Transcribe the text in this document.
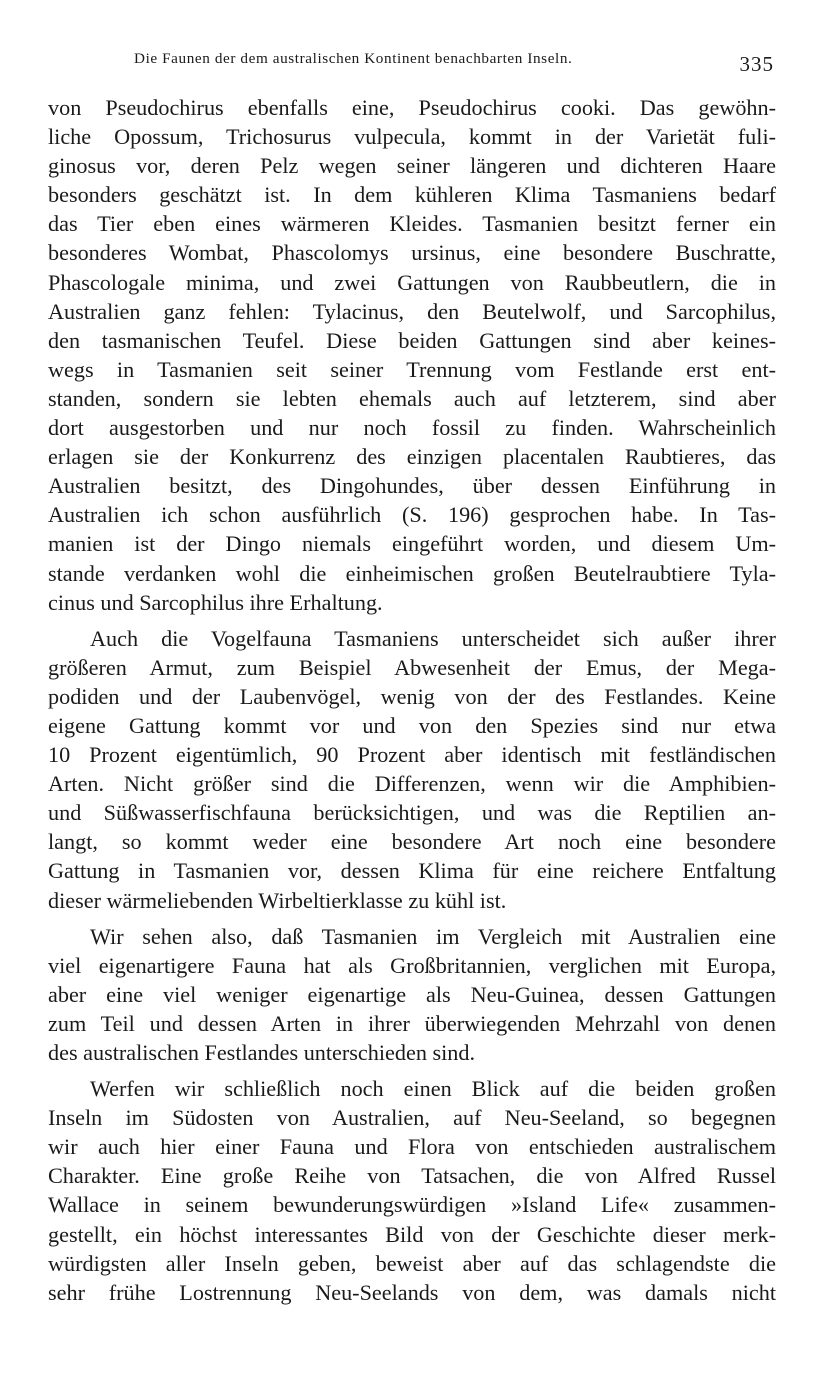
Die Faunen der dem australischen Kontinent benachbarten Inseln.	335
von Pseudochirus ebenfalls eine, Pseudochirus cooki. Das gewöhn-
liche Opossum, Trichosurus vulpecula, kommt in der Varietät fuli-
ginosus vor, deren Pelz wegen seiner längeren und dichteren Haare
besonders geschätzt ist. In dem kühleren Klima Tasmaniens bedarf
das Tier eben eines wärmeren Kleides. Tasmanien besitzt ferner ein
besonderes Wombat, Phascolomys ursinus, eine besondere Buschratte,
Phascologale minima, und zwei Gattungen von Raubbeutlern, die in
Australien ganz fehlen: Tylacinus, den Beutelwolf, und Sarcophilus,
den tasmanischen Teufel. Diese beiden Gattungen sind aber keines-
wegs in Tasmanien seit seiner Trennung vom Festlande erst ent-
standen, sondern sie lebten ehemals auch auf letzterem, sind aber
dort ausgestorben und nur noch fossil zu finden. Wahrscheinlich
erlagen sie der Konkurrenz des einzigen placentalen Raubtieres, das
Australien besitzt, des Dingohundes, über dessen Einführung in
Australien ich schon ausführlich (S. 196) gesprochen habe. In Tas-
manien ist der Dingo niemals eingeführt worden, und diesem Um-
stande verdanken wohl die einheimischen großen Beutelraubtiere Tyla-
cinus und Sarcophilus ihre Erhaltung.
Auch die Vogelfauna Tasmaniens unterscheidet sich außer ihrer
größeren Armut, zum Beispiel Abwesenheit der Emus, der Mega-
podiden und der Laubenvögel, wenig von der des Festlandes. Keine
eigene Gattung kommt vor und von den Spezies sind nur etwa
10 Prozent eigentümlich, 90 Prozent aber identisch mit festländischen
Arten. Nicht größer sind die Differenzen, wenn wir die Amphibien-
und Süßwasserfischfauna berücksichtigen, und was die Reptilien an-
langt, so kommt weder eine besondere Art noch eine besondere
Gattung in Tasmanien vor, dessen Klima für eine reichere Entfaltung
dieser wärmeliebenden Wirbeltierklasse zu kühl ist.
Wir sehen also, daß Tasmanien im Vergleich mit Australien eine
viel eigenartigere Fauna hat als Großbritannien, verglichen mit Europa,
aber eine viel weniger eigenartige als Neu-Guinea, dessen Gattungen
zum Teil und dessen Arten in ihrer überwiegenden Mehrzahl von denen
des australischen Festlandes unterschieden sind.
Werfen wir schließlich noch einen Blick auf die beiden großen
Inseln im Südosten von Australien, auf Neu-Seeland, so begegnen
wir auch hier einer Fauna und Flora von entschieden australischem
Charakter. Eine große Reihe von Tatsachen, die von Alfred Russel
Wallace in seinem bewunderungswürdigen »Island Life« zusammen-
gestellt, ein höchst interessantes Bild von der Geschichte dieser merk-
würdigsten aller Inseln geben, beweist aber auf das schlagendste die
sehr frühe Lostrennung Neu-Seelands von dem, was damals nicht
